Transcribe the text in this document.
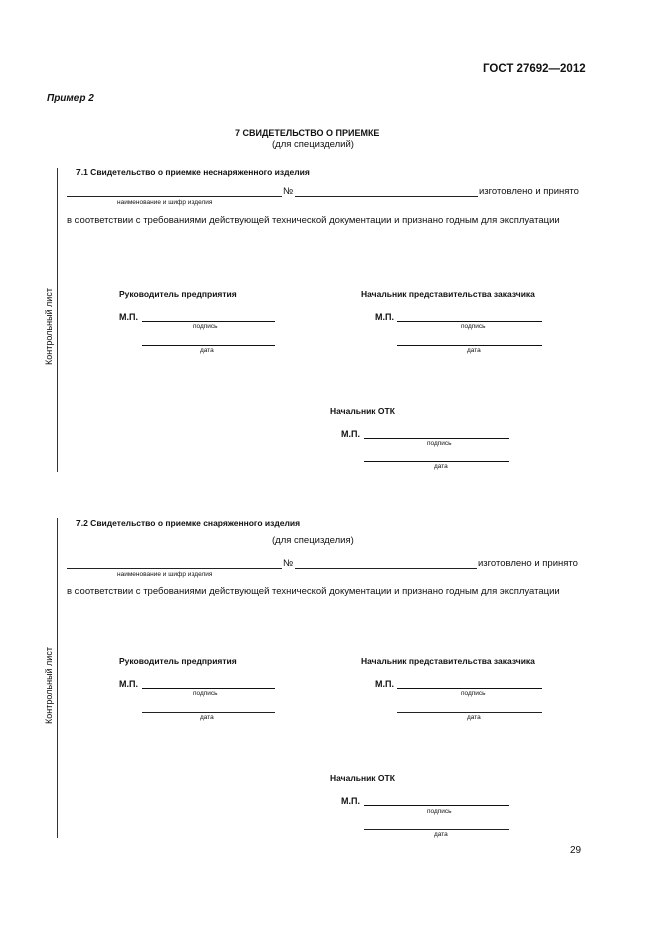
ГОСТ 27692—2012
Пример 2
7 СВИДЕТЕЛЬСТВО О ПРИЕМКЕ
(для специзделий)
Контрольный лист
7.1 Свидетельство о приемке неснаряженного изделия
№	изготовлено и принято
наименование и шифр изделия
в соответствии с требованиями действующей технической документации и признано годным для эксплуатации
Руководитель предприятия
М.П.
подпись
дата
Начальник представительства заказчика
М.П.
подпись
дата
Начальник ОТК
М.П.
подпись
дата
Контрольный лист
7.2 Свидетельство о приемке снаряженного изделия
(для специзделия)
№	изготовлено и принято
наименование и шифр изделия
в соответствии с требованиями действующей технической документации и признано годным для эксплуатации
Руководитель предприятия
М.П.
подпись
дата
Начальник представительства заказчика
М.П.
подпись
дата
Начальник ОТК
М.П.
подпись
дата
29
